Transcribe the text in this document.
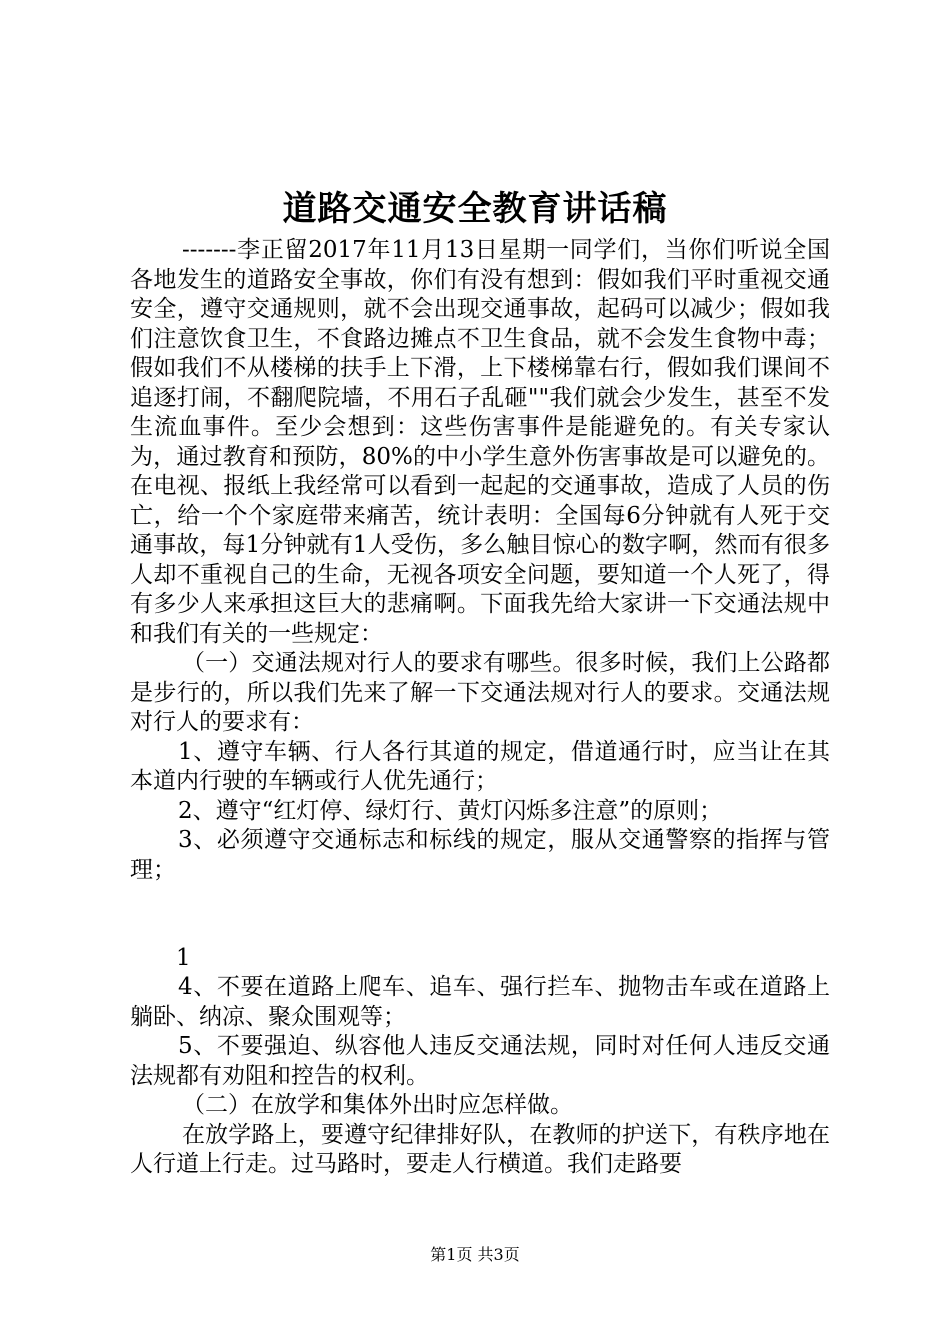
道路交通安全教育讲话稿

-------李正留2017年11月13日星期一同学们，当你们听说全国各地发生的道路安全事故，你们有没有想到：假如我们平时重视交通安全，遵守交通规则，就不会出现交通事故，起码可以减少；假如我们注意饮食卫生，不食路边摊点不卫生食品，就不会发生食物中毒；假如我们不从楼梯的扶手上下滑，上下楼梯靠右行，假如我们课间不追逐打闹，不翻爬院墙，不用石子乱砸""我们就会少发生，甚至不发生流血事件。至少会想到：这些伤害事件是能避免的。有关专家认为，通过教育和预防，80%的中小学生意外伤害事故是可以避免的。在电视、报纸上我经常可以看到一起起的交通事故，造成了人员的伤亡，给一个个家庭带来痛苦，统计表明：全国每6分钟就有人死于交通事故，每1分钟就有1人受伤，多么触目惊心的数字啊，然而有很多人却不重视自己的生命，无视各项安全问题，要知道一个人死了，得有多少人来承担这巨大的悲痛啊。下面我先给大家讲一下交通法规中和我们有关的一些规定：

（一）交通法规对行人的要求有哪些。很多时候，我们上公路都是步行的，所以我们先来了解一下交通法规对行人的要求。交通法规对行人的要求有：

1、遵守车辆、行人各行其道的规定，借道通行时，应当让在其本道内行驶的车辆或行人优先通行；

2、遵守“红灯停、绿灯行、黄灯闪烁多注意”的原则；

3、必须遵守交通标志和标线的规定，服从交通警察的指挥与管理；

1

4、不要在道路上爬车、追车、强行拦车、抛物击车或在道路上躺卧、纳凉、聚众围观等；

5、不要强迫、纵容他人违反交通法规，同时对任何人违反交通法规都有劝阻和控告的权利。

（二）在放学和集体外出时应怎样做。

在放学路上，要遵守纪律排好队，在教师的护送下，有秩序地在人行道上行走。过马路时，要走人行横道。我们走路要

第1页 共3页
